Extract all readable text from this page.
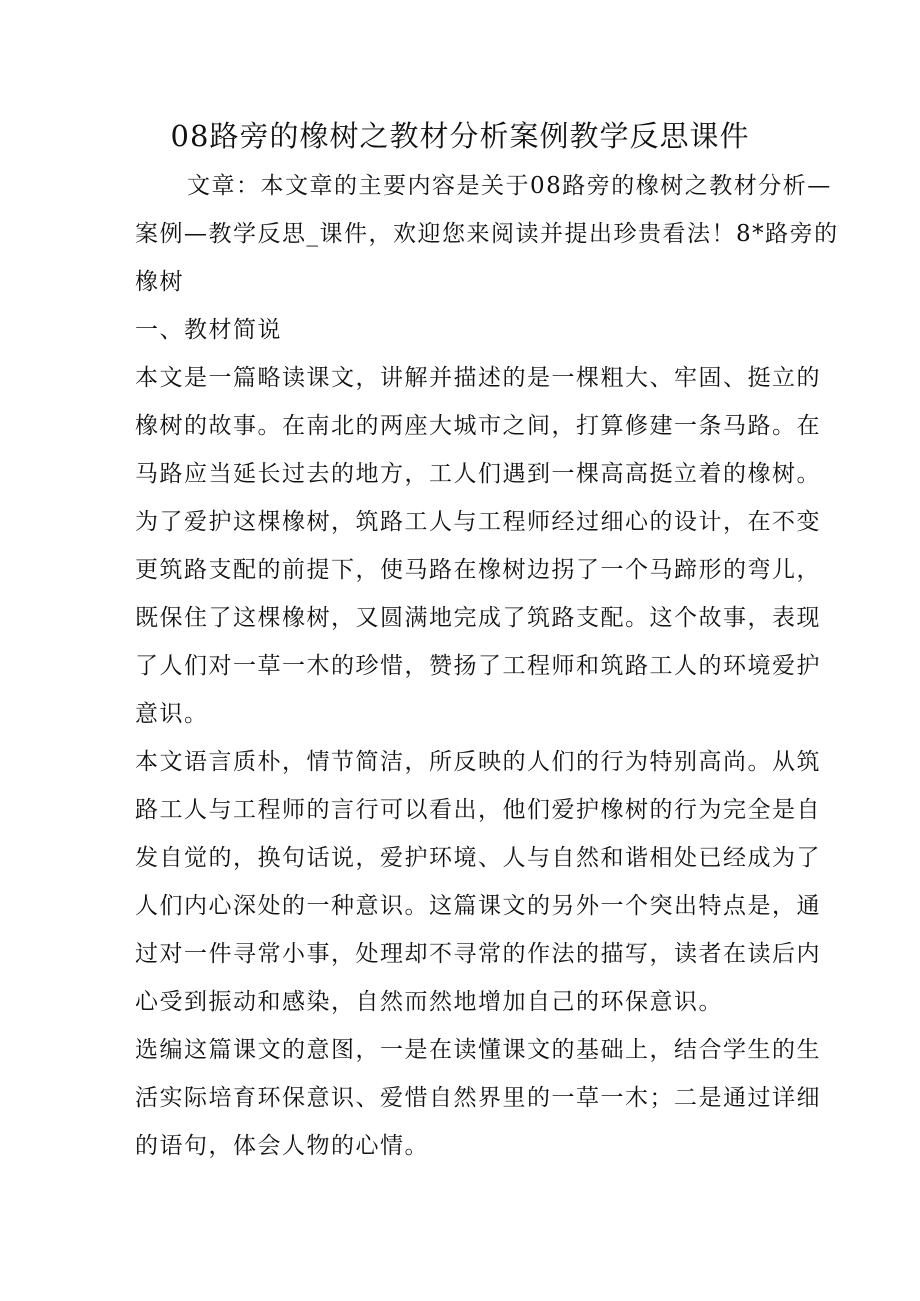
08路旁的橡树之教材分析案例教学反思课件
文章：本文章的主要内容是关于08路旁的橡树之教材分析—
案例—教学反思_课件，欢迎您来阅读并提出珍贵看法！8*路旁的
橡树
一、教材简说
本文是一篇略读课文，讲解并描述的是一棵粗大、牢固、挺立的
橡树的故事。在南北的两座大城市之间，打算修建一条马路。在
马路应当延长过去的地方，工人们遇到一棵高高挺立着的橡树。
为了爱护这棵橡树，筑路工人与工程师经过细心的设计，在不变
更筑路支配的前提下，使马路在橡树边拐了一个马蹄形的弯儿，
既保住了这棵橡树，又圆满地完成了筑路支配。这个故事，表现
了人们对一草一木的珍惜，赞扬了工程师和筑路工人的环境爱护
意识。
本文语言质朴，情节简洁，所反映的人们的行为特别高尚。从筑
路工人与工程师的言行可以看出，他们爱护橡树的行为完全是自
发自觉的，换句话说，爱护环境、人与自然和谐相处已经成为了
人们内心深处的一种意识。这篇课文的另外一个突出特点是，通
过对一件寻常小事，处理却不寻常的作法的描写，读者在读后内
心受到振动和感染，自然而然地增加自己的环保意识。
选编这篇课文的意图，一是在读懂课文的基础上，结合学生的生
活实际培育环保意识、爱惜自然界里的一草一木；二是通过详细
的语句，体会人物的心情。
